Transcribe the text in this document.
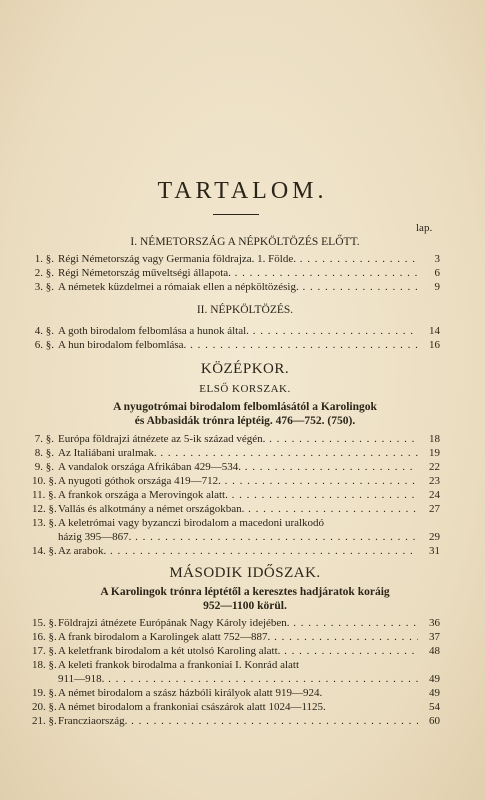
TARTALOM.
lap.
I. NÉMETORSZÁG A NÉPKÖLTÖZÉS ELŐTT.
1. §. Régi Németország vagy Germania földrajza. 1. Földe. . . .	3
2. §. Régi Németország műveltségi állapota. . . .	6
3. §. A németek küzdelmei a rómaiak ellen a népköltözésig. . . .	9
II. NÉPKÖLTÖZÉS.
4. §. A goth birodalom felbomlása a hunok által. . . .	14
6. §. A hun birodalom felbomlása. . . .	16
KÖZÉPKOR.
ELSŐ KORSZAK.
A nyugotrómai birodalom felbomlásától a Karolingok
és Abbasidák trónra léptéig. 476—752. (750).
7. §. Európa földrajzi átnézete az 5-ik század végén. . . .	18
8. §. Az Italiábani uralmak. . . .	19
9. §. A vandalok országa Afrikában 429—534. . . .	22
10. §. A nyugoti góthok országa 419—712. . . .	23
11. §. A frankok országa a Merovingok alatt. . . .	24
12. §. Vallás és alkotmány a német országokban. . . .	27
13. §. A keletrómai vagy byzanczi birodalom a macedoni uralkodó
házig 395—867. . . .	29
14. §. Az arabok. . . .	31
MÁSODIK IDŐSZAK.
A Karolingok trónra léptétől a keresztes hadjáratok koráig
952—1100 körül.
15. §. Földrajzi átnézete Európának Nagy Károly idejében. . . .	36
16. §. A frank birodalom a Karolingek alatt 752—887. . . .	37
17. §. A keletfrank birodalom a két utolsó Karoling alatt. . . .	48
18. §. A keleti frankok birodalma a frankoniai I. Konrád alatt
911—918. . . .	49
19. §. A német birodalom a szász házbóli királyok alatt 919—924.	49
20. §. A német birodalom a frankoniai császárok alatt 1024—1125.	54
21. §. Francziaország. . . .	60
